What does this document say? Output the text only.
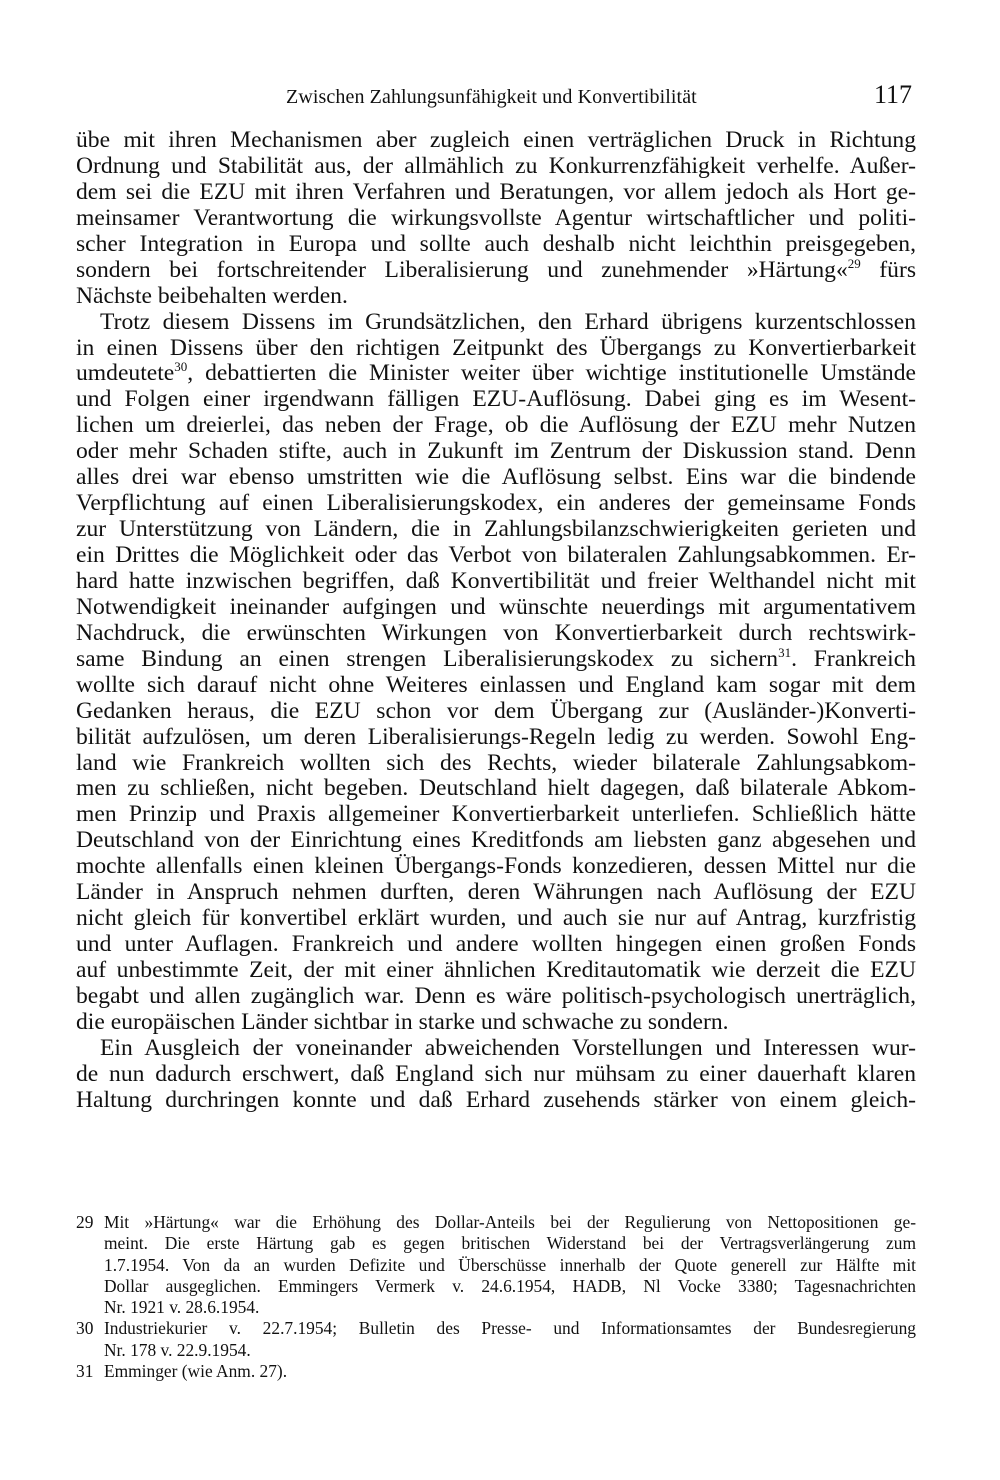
Zwischen Zahlungsunfähigkeit und Konvertibilität	117
übe mit ihren Mechanismen aber zugleich einen verträglichen Druck in Richtung
Ordnung und Stabilität aus, der allmählich zu Konkurrenzfähigkeit verhelfe. Außer-
dem sei die EZU mit ihren Verfahren und Beratungen, vor allem jedoch als Hort ge-
meinsamer Verantwortung die wirkungsvollste Agentur wirtschaftlicher und politi-
scher Integration in Europa und sollte auch deshalb nicht leichthin preisgegeben,
sondern bei fortschreitender Liberalisierung und zunehmender »Härtung«$^{29}$ fürs
Nächste beibehalten werden.
Trotz diesem Dissens im Grundsätzlichen, den Erhard übrigens kurzentschlossen
in einen Dissens über den richtigen Zeitpunkt des Übergangs zu Konvertierbarkeit
umdeutete$^{30}$, debattierten die Minister weiter über wichtige institutionelle Umstände
und Folgen einer irgendwann fälligen EZU-Auflösung. Dabei ging es im Wesent-
lichen um dreierlei, das neben der Frage, ob die Auflösung der EZU mehr Nutzen
oder mehr Schaden stifte, auch in Zukunft im Zentrum der Diskussion stand. Denn
alles drei war ebenso umstritten wie die Auflösung selbst. Eins war die bindende
Verpflichtung auf einen Liberalisierungskodex, ein anderes der gemeinsame Fonds
zur Unterstützung von Ländern, die in Zahlungsbilanzschwierigkeiten gerieten und
ein Drittes die Möglichkeit oder das Verbot von bilateralen Zahlungsabkommen. Er-
hard hatte inzwischen begriffen, daß Konvertibilität und freier Welthandel nicht mit
Notwendigkeit ineinander aufgingen und wünschte neuerdings mit argumentativem
Nachdruck, die erwünschten Wirkungen von Konvertierbarkeit durch rechtswirk-
same Bindung an einen strengen Liberalisierungskodex zu sichern$^{31}$. Frankreich
wollte sich darauf nicht ohne Weiteres einlassen und England kam sogar mit dem
Gedanken heraus, die EZU schon vor dem Übergang zur (Ausländer-)Konverti-
bilität aufzulösen, um deren Liberalisierungs-Regeln ledig zu werden. Sowohl Eng-
land wie Frankreich wollten sich des Rechts, wieder bilaterale Zahlungsabkom-
men zu schließen, nicht begeben. Deutschland hielt dagegen, daß bilaterale Abkom-
men Prinzip und Praxis allgemeiner Konvertierbarkeit unterliefen. Schließlich hätte
Deutschland von der Einrichtung eines Kreditfonds am liebsten ganz abgesehen und
mochte allenfalls einen kleinen Übergangs-Fonds konzedieren, dessen Mittel nur die
Länder in Anspruch nehmen durften, deren Währungen nach Auflösung der EZU
nicht gleich für konvertibel erklärt wurden, und auch sie nur auf Antrag, kurzfristig
und unter Auflagen. Frankreich und andere wollten hingegen einen großen Fonds
auf unbestimmte Zeit, der mit einer ähnlichen Kreditautomatik wie derzeit die EZU
begabt und allen zugänglich war. Denn es wäre politisch-psychologisch unerträglich,
die europäischen Länder sichtbar in starke und schwache zu sondern.
Ein Ausgleich der voneinander abweichenden Vorstellungen und Interessen wur-
de nun dadurch erschwert, daß England sich nur mühsam zu einer dauerhaft klaren
Haltung durchringen konnte und daß Erhard zusehends stärker von einem gleich-
29 Mit »Härtung« war die Erhöhung des Dollar-Anteils bei der Regulierung von Nettopositionen ge-
meint. Die erste Härtung gab es gegen britischen Widerstand bei der Vertragsverlängerung zum
1.7.1954. Von da an wurden Defizite und Überschüsse innerhalb der Quote generell zur Hälfte mit
Dollar ausgeglichen. Emmingers Vermerk v. 24.6.1954, HADB, Nl Vocke 3380; Tagesnachrichten
Nr. 1921 v. 28.6.1954.
30 Industriekurier v. 22.7.1954; Bulletin des Presse- und Informationsamtes der Bundesregierung
Nr. 178 v. 22.9.1954.
31 Emminger (wie Anm. 27).
